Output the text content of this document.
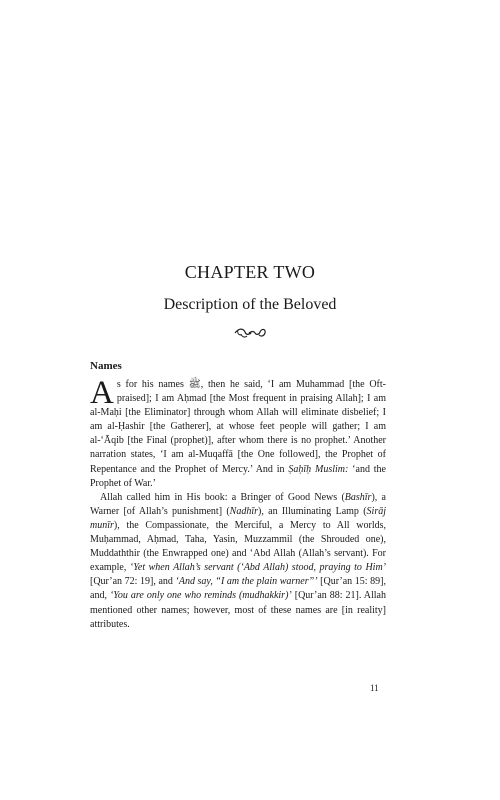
CHAPTER TWO
Description of the Beloved
Names

As for his names ﷺ, then he said, ‘I am Muhammad [the Oft-praised]; I am Aḥmad [the Most frequent in praising Allah]; I am al-Maḥi [the Eliminator] through whom Allah will eliminate disbelief; I am al-Ḥashir [the Gatherer], at whose feet people will gather; I am al-‘Āqib [the Final (prophet)], after whom there is no prophet.’ Another narration states, ‘I am al-Muqaffā [the One followed], the Prophet of Repentance and the Prophet of Mercy.’ And in Ṣaḥīḥ Muslim: ‘and the Prophet of War.’

Allah called him in His book: a Bringer of Good News (Bashīr), a Warner [of Allah’s punishment] (Nadhīr), an Illuminating Lamp (Sirāj munīr), the Compassionate, the Merciful, a Mercy to All worlds, Muḥammad, Aḥmad, Taha, Yasin, Muzzammil (the Shrouded one), Muddaththir (the Enwrapped one) and ‘Abd Allah (Allah’s servant). For example, ‘Yet when Allah’s servant (‘Abd Allah) stood, praying to Him’ [Qur’an 72: 19], and ‘And say, “I am the plain warner”’ [Qur’an 15: 89], and, ‘You are only one who reminds (mudhakkir)’ [Qur’an 88: 21]. Allah mentioned other names; however, most of these names are [in reality] attributes.

11
